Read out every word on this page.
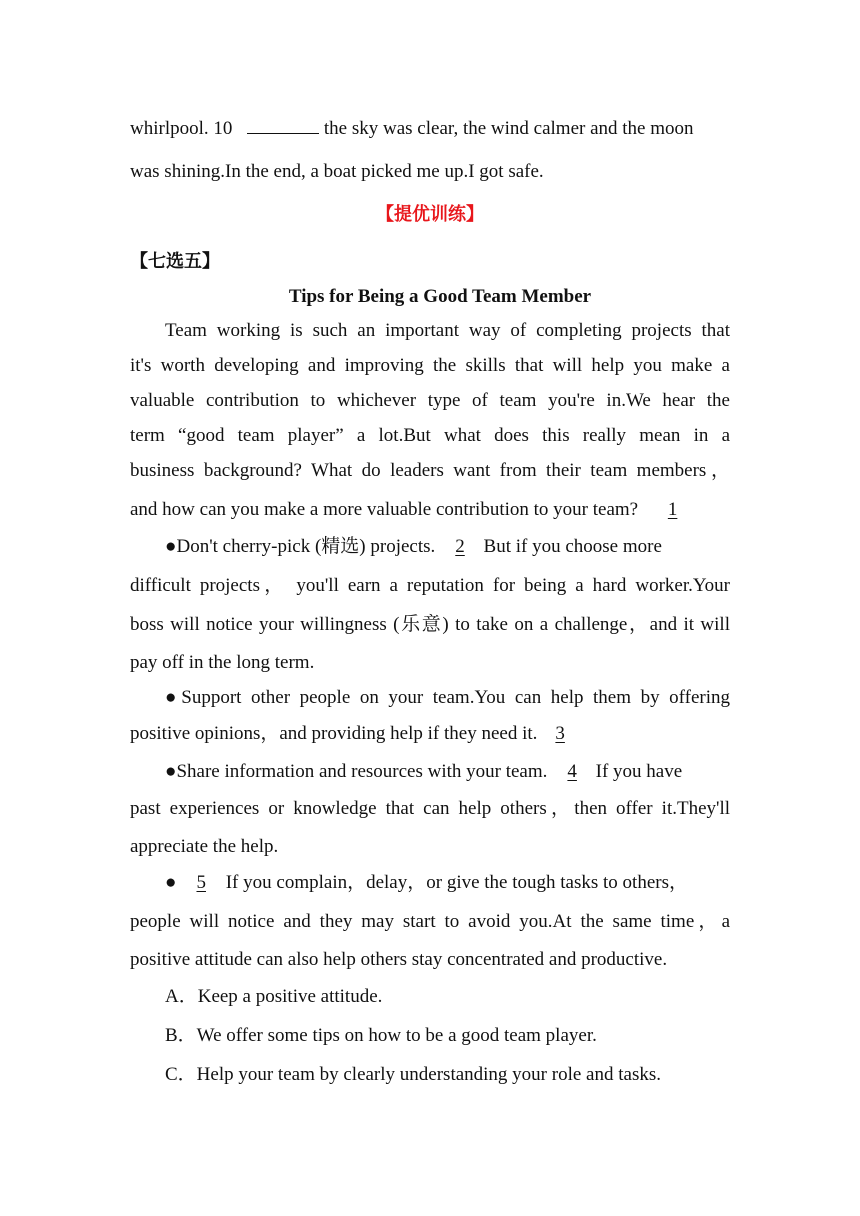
whirlpool. 10	the sky was clear, the wind calmer and the moon
was shining.In the end, a boat picked me up.I got safe.
【提优训练】
【七选五】
Tips for Being a Good Team Member
Team working is such an important way of completing projects that
it's worth developing and improving the skills that will help you make a
valuable contribution to whichever type of team you're in.We hear the
term “good team player” a lot.But what does this really mean in a
business background? What do leaders want from their team members，
and how can you make a more valuable contribution to your team? 1
●Don't cherry-pick (精选) projects. 2 But if you choose more
difficult projects， you'll earn a reputation for being a hard worker.Your
boss will notice your willingness (乐意) to take on a challenge，and it will
pay off in the long term.
●Support other people on your team.You can help them by offering
positive opinions，and providing help if they need it. 3
●Share information and resources with your team. 4 If you have
past experiences or knowledge that can help others，then offer it.They'll
appreciate the help.
● 5 If you complain，delay，or give the tough tasks to others，
people will notice and they may start to avoid you.At the same time，a
positive attitude can also help others stay concentrated and productive.
A．Keep a positive attitude.
B．We offer some tips on how to be a good team player.
C．Help your team by clearly understanding your role and tasks.
